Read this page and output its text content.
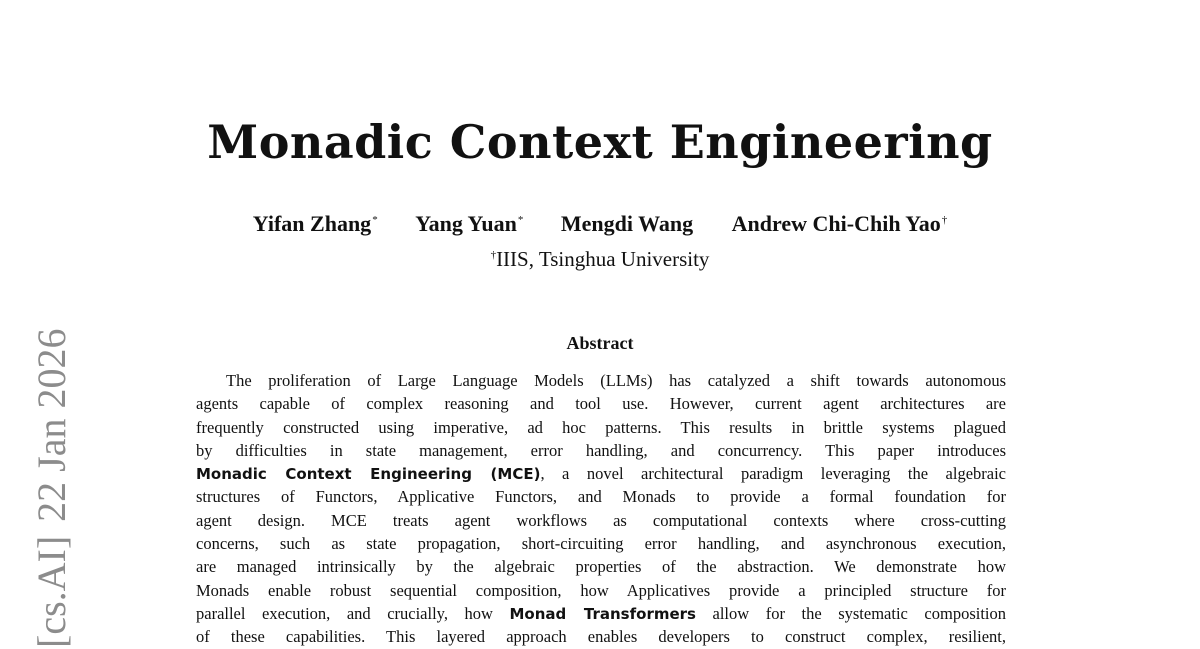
[cs.AI]22 Jan 2026
Monadic Context Engineering
Yifan Zhang* Yang Yuan* Mengdi Wang Andrew Chi-Chih Yao†
†IIIS, Tsinghua University
Abstract
The proliferation of Large Language Models (LLMs) has catalyzed a shift towards autonomous
agents capable of complex reasoning and tool use. However, current agent architectures are
frequently constructed using imperative, ad hoc patterns. This results in brittle systems plagued
by difficulties in state management, error handling, and concurrency. This paper introduces
Monadic Context Engineering (MCE), a novel architectural paradigm leveraging the algebraic
structures of Functors, Applicative Functors, and Monads to provide a formal foundation for
agent design. MCE treats agent workflows as computational contexts where cross-cutting
concerns, such as state propagation, short-circuiting error handling, and asynchronous execution,
are managed intrinsically by the algebraic properties of the abstraction. We demonstrate how
Monads enable robust sequential composition, how Applicatives provide a principled structure for
parallel execution, and crucially, how Monad Transformers allow for the systematic composition
of these capabilities. This layered approach enables developers to construct complex, resilient,
